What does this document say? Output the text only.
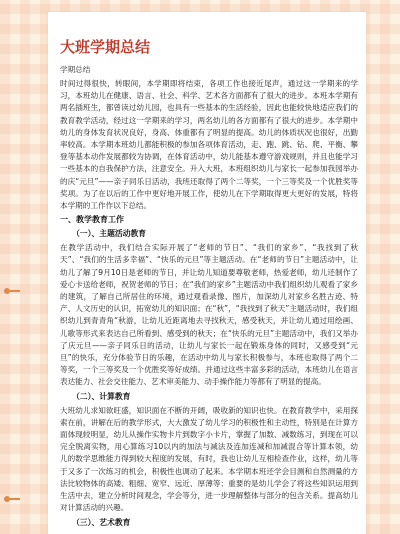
大班学期总结
学期总结

时间过得很快，转眼间，本学期即将结束，各项工作也接近尾声，通过这一学期来的学习，本班幼儿在健康、语言、社会、科学、艺术各方面都有了很大的进步。本班本学期有两名插班生，都曾读过幼儿园，也具有一些基本的生活经验，因此也能较快地适应我们的教育教学活动，经过这一学期来的学习，两名幼儿的各方面都有了很大的进步。本学期中幼儿的身体发育状况良好，身高、体重都有了明显的提高。幼儿的体质状况也很好，出勤率较高。本学期本班幼儿都能积极的参加各项体育活动，走、跑、跳、钻、爬、平衡、攀登等基本动作发展都较为协调，在体育活动中，幼儿能基本遵守游戏规则，并且也能学习一些基本的自我保护方法，注意安全。升入大班，本班组织幼儿与家长一起参加我园举办的庆“元旦”——亲子同乐日活动，我班还取得了两个二等奖，一个三等奖及一个优胜奖等奖项。为了在以后的工作中更好地开展工作，使幼儿在下学期取得更大更好的发展，特将本学期的工作作以下总结。

一、教学教育工作
（一）、主题活动教育

在教学活动中，我们结合实际开展了“老师的节日”、“我们的家乡”、“我找到了秋天”、“我们的生活多幸福”、“快乐的元旦”等主题活动。在“老师的节日”主题活动中，让幼儿了解了9月10日是老师的节日，并让幼儿知道要尊敬老师，热爱老师，幼儿还制作了爱心卡送给老师，祝贺老师的节日；在“我们的家乡”主题活动中我们组织幼儿观看了家乡的建筑，了解自己所居住的环境，通过观看录像、图片，加深幼儿对家乡名胜古迹、特产、人文历史的认识，拓宽幼儿的知识面；在“秋”，“我找到了秋天”主题活动时，我们组织幼儿到青青角“秋游，让幼儿近距离地去寻找秋天，感受秋天，并让幼儿通过用绘画、儿歌等形式来表达自己所看到、感受到的秋天；在“快乐的元旦”主题活动中，我们又举办了庆元旦——亲子同乐日的活动，让幼儿与家长一起在锻炼身体的同时，又感受到“元旦”的快乐，充分体验节日的乐趣，在活动中幼儿与家长积极参与，本班也取得了两个二等奖，一个三等奖及一个优胜奖等好成绩。并通过这些丰富多彩的活动，本班幼儿在语言表达能力、社会交往能力、艺术审美能力、动手操作能力等都有了明显的提高。

（二）、计算教育

大班幼儿求知欲旺盛，知识面在不断的开阔，吸收新的知识也快。在教育教学中，采用探索在前，讲解在后的教学形式，大大激发了幼儿学习的积极性和主动性，特别是在计算方面体现较明显，幼儿从操作实物卡片到数字小卡片，掌握了加数、减数练习，到现在可以完全脱离实物，用心算练习10以内的加法与减法及连加连减和加减混合等计算本领，幼儿的数学思维能力得到较大程度的发展，有时，我也让幼儿互相检查作业，这样，幼儿等于又多了一次练习的机会，积极性也调动了起来。本学期本班还学会目测和自然测量的方法比较物体的高矮、粗细、宽窄、远近、厚薄等；重要的是幼儿学会了将这些知识运用到生活中去，建立分析时间观念，学会等分，进一步理解整体与部分的包含关系。提高幼儿对计算活动的兴趣。

（三）、艺术教育
